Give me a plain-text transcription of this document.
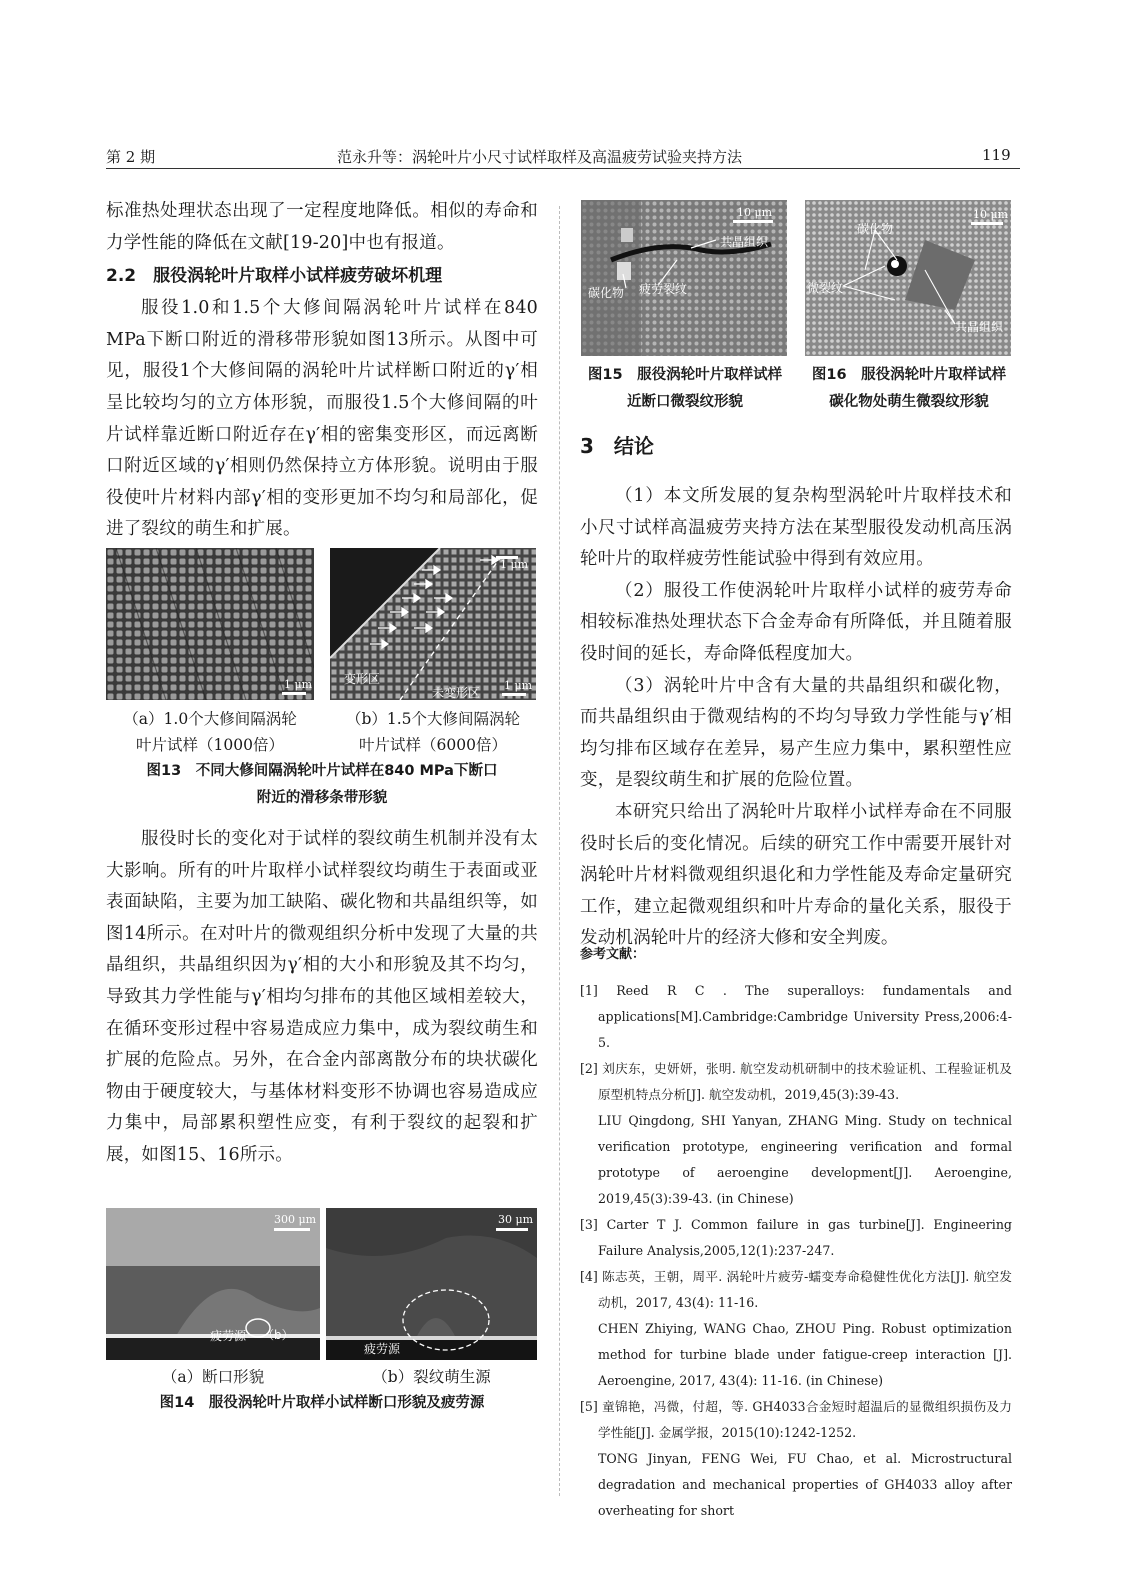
第 2 期	范永升等：涡轮叶片小尺寸试样取样及高温疲劳试验夹持方法	119

标准热处理状态出现了一定程度地降低。相似的寿命和力学性能的降低在文献[19-20]中也有报道。

2.2　服役涡轮叶片取样小试样疲劳破坏机理

服役1.0和1.5个大修间隔涡轮叶片试样在840 MPa下断口附近的滑移带形貌如图13所示。从图中可见，服役1个大修间隔的涡轮叶片试样断口附近的γ′相呈比较均匀的立方体形貌，而服役1.5个大修间隔的叶片试样靠近断口附近存在γ′相的密集变形区，而远离断口附近区域的γ′相则仍然保持立方体形貌。说明由于服役使叶片材料内部γ′相的变形更加不均匀和局部化，促进了裂纹的萌生和扩展。

1 μm
1 μm
变形区
未变形区
1 μm

（a）1.0个大修间隔涡轮

叶片试样（1000倍）

（b）1.5个大修间隔涡轮

叶片试样（6000倍）

图13　不同大修间隔涡轮叶片试样在840 MPa下断口

附近的滑移条带形貌

服役时长的变化对于试样的裂纹萌生机制并没有太大影响。所有的叶片取样小试样裂纹均萌生于表面或亚表面缺陷，主要为加工缺陷、碳化物和共晶组织等，如图14所示。在对叶片的微观组织分析中发现了大量的共晶组织，共晶组织因为γ′相的大小和形貌及其不均匀，导致其力学性能与γ′相均匀排布的其他区域相差较大，在循环变形过程中容易造成应力集中，成为裂纹萌生和扩展的危险点。另外，在合金内部离散分布的块状碳化物由于硬度较大，与基体材料变形不协调也容易造成应力集中，局部累积塑性应变，有利于裂纹的起裂和扩展，如图15、16所示。

300 μm
疲劳源 （b）
30 μm
疲劳源

（a）断口形貌	（b）裂纹萌生源

图14　服役涡轮叶片取样小试样断口形貌及疲劳源

10 μm
共晶组织
碳化物 疲劳裂纹
10 μm
碳化物
微裂纹
共晶组织

图15　服役涡轮叶片取样试样

近断口微裂纹形貌

图16　服役涡轮叶片取样试样

碳化物处萌生微裂纹形貌

3　结论

（1）本文所发展的复杂构型涡轮叶片取样技术和小尺寸试样高温疲劳夹持方法在某型服役发动机高压涡轮叶片的取样疲劳性能试验中得到有效应用。

（2）服役工作使涡轮叶片取样小试样的疲劳寿命相较标准热处理状态下合金寿命有所降低，并且随着服役时间的延长，寿命降低程度加大。

（3）涡轮叶片中含有大量的共晶组织和碳化物，而共晶组织由于微观结构的不均匀导致力学性能与γ′相均匀排布区域存在差异，易产生应力集中，累积塑性应变，是裂纹萌生和扩展的危险位置。

本研究只给出了涡轮叶片取样小试样寿命在不同服役时长后的变化情况。后续的研究工作中需要开展针对涡轮叶片材料微观组织退化和力学性能及寿命定量研究工作，建立起微观组织和叶片寿命的量化关系，服役于发动机涡轮叶片的经济大修和安全判废。

参考文献：

[1] Reed R C . The superalloys: fundamentals and applications[M].Cambridge:Cambridge University Press,2006:4-5.

[2] 刘庆东，史妍妍，张明. 航空发动机研制中的技术验证机、工程验证机及原型机特点分析[J]. 航空发动机，2019,45(3):39-43.

LIU Qingdong, SHI Yanyan, ZHANG Ming. Study on technical verification prototype, engineering verification and formal prototype of aeroengine development[J]. Aeroengine, 2019,45(3):39-43. (in Chinese)

[3] Carter T J. Common failure in gas turbine[J]. Engineering Failure Analysis,2005,12(1):237-247.

[4] 陈志英，王朝，周平. 涡轮叶片疲劳-蠕变寿命稳健性优化方法[J]. 航空发动机，2017, 43(4): 11-16.

CHEN Zhiying, WANG Chao, ZHOU Ping. Robust optimization method for turbine blade under fatigue-creep interaction [J]. Aeroengine, 2017, 43(4): 11-16. (in Chinese)

[5] 童锦艳，冯微，付超，等. GH4033合金短时超温后的显微组织损伤及力学性能[J]. 金属学报，2015(10):1242-1252.

TONG Jinyan, FENG Wei, FU Chao, et al. Microstructural degradation and mechanical properties of GH4033 alloy after overheating for short
